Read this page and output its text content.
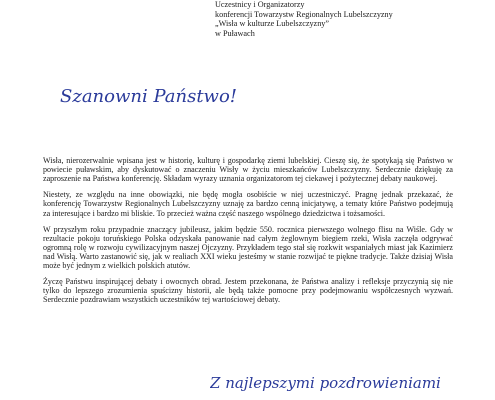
Uczestnicy i Organizatorzy
konferencji Towarzystw Regionalnych Lubelszczyzny
„Wisła w kulturze Lubelszczyzny”
w Puławach
Szanowni Państwo!

Wisła, nierozerwalnie wpisana jest w historię, kulturę i gospodarkę ziemi lubelskiej. Cieszę się, że spotykają się Państwo w powiecie puławskim, aby dyskutować o znaczeniu Wisły w życiu mieszkańców Lubelszczyzny. Serdecznie dziękuję za zaproszenie na Państwa konferencję. Składam wyrazy uznania organizatorom tej ciekawej i pożytecznej debaty naukowej.

Niestety, ze względu na inne obowiązki, nie będę mogła osobiście w niej uczestniczyć. Pragnę jednak przekazać, że konferencję Towarzystw Regionalnych Lubelszczyzny uznaję za bardzo cenną inicjatywę, a tematy które Państwo podejmują za interesujące i bardzo mi bliskie. To przecież ważna część naszego wspólnego dziedzictwa i tożsamości.

W przyszłym roku przypadnie znaczący jubileusz, jakim będzie 550. rocznica pierwszego wolnego flisu na Wiśle. Gdy w rezultacie pokoju toruńskiego Polska odzyskała panowanie nad całym żeglownym biegiem rzeki, Wisła zaczęła odgrywać ogromną rolę w rozwoju cywilizacyjnym naszej Ojczyzny. Przykładem tego stał się rozkwit wspaniałych miast jak Kazimierz nad Wisłą. Warto zastanowić się, jak w realiach XXI wieku jesteśmy w stanie rozwijać te piękne tradycje. Także dzisiaj Wisła może być jednym z wielkich polskich atutów.

Życzę Państwu inspirującej debaty i owocnych obrad. Jestem przekonana, że Państwa analizy i refleksje przyczynią się nie tylko do lepszego zrozumienia spuścizny historii, ale będą także pomocne przy podejmowaniu współczesnych wyzwań. Serdecznie pozdrawiam wszystkich uczestników tej wartościowej debaty.

Z najlepszymi pozdrowieniami
